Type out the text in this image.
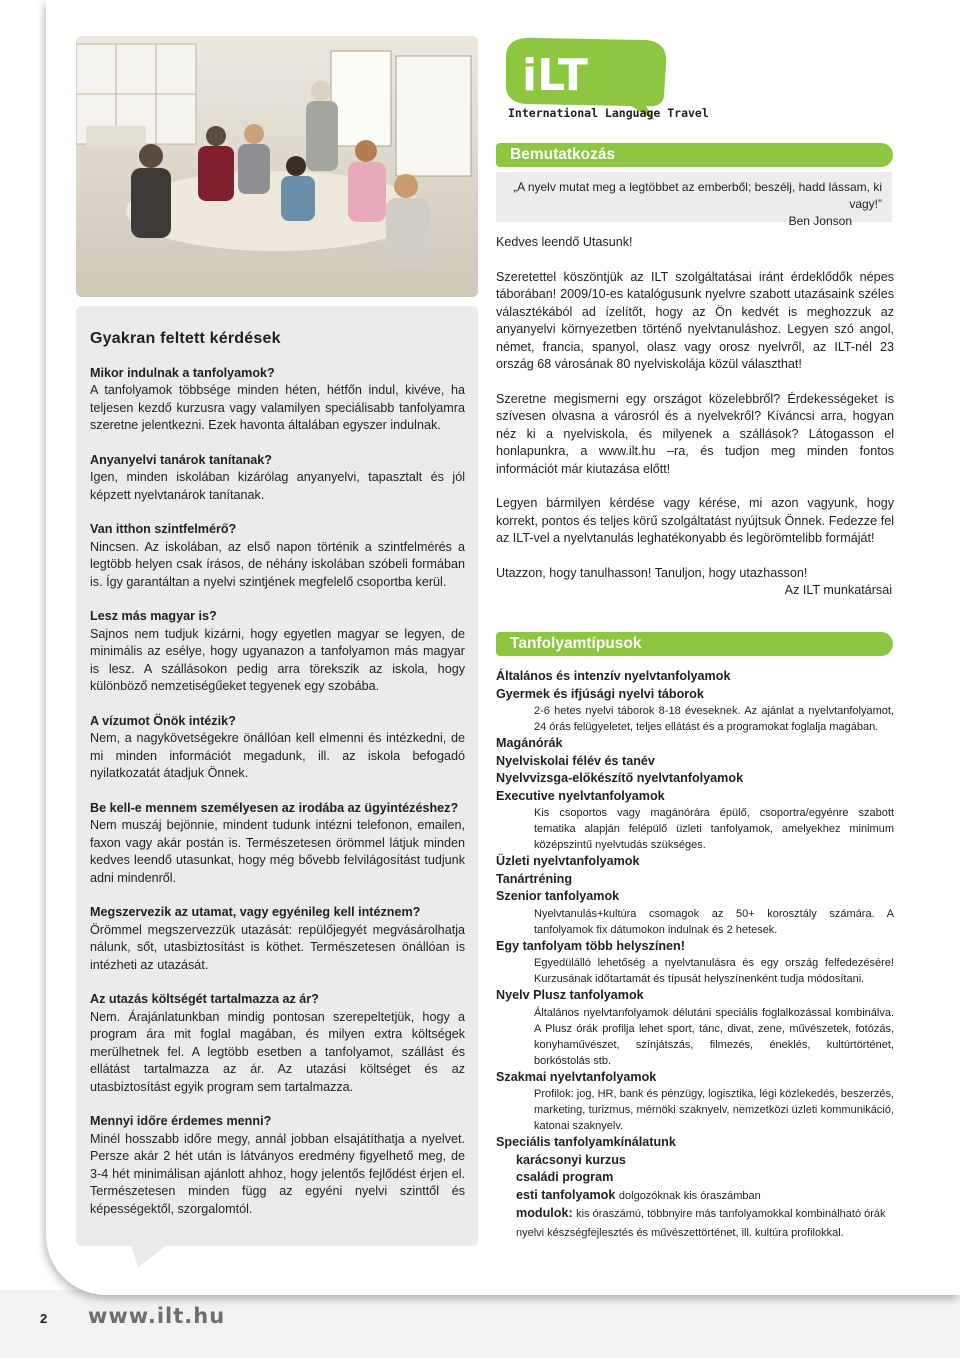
Gyakran feltett kérdések
Mikor indulnak a tanfolyamok?
A tanfolyamok többsége minden héten, hétfőn indul, kivéve, ha teljesen kezdő kurzusra vagy valamilyen speciálisabb tanfolyamra szeretne jelentkezni. Ezek havonta általában egyszer indulnak.
Anyanyelvi tanárok tanítanak?
Igen, minden iskolában kizárólag anyanyelvi, tapasztalt és jól képzett nyelvtanárok tanítanak.
Van itthon szintfelmérő?
Nincsen. Az iskolában, az első napon történik a szintfelmérés a legtöbb helyen csak írásos, de néhány iskolában szóbeli formában is. Így garantáltan a nyelvi szintjének megfelelő csoportba kerül.
Lesz más magyar is?
Sajnos nem tudjuk kizárni, hogy egyetlen magyar se legyen, de minimális az esélye, hogy ugyanazon a tanfolyamon más magyar is lesz. A szállásokon pedig arra törekszik az iskola, hogy különböző nemzetiségűeket tegyenek egy szobába.
A vízumot Önök intézik?
Nem, a nagykövetségekre önállóan kell elmenni és intézkedni, de mi minden információt megadunk, ill. az iskola befogadó nyilatkozatát átadjuk Önnek.
Be kell-e mennem személyesen az irodába az ügyintézéshez?
Nem muszáj bejönnie, mindent tudunk intézni telefonon, emailen, faxon vagy akár postán is. Természetesen örömmel látjuk minden kedves leendő utasunkat, hogy még bővebb felvilágosítást tudjunk adni mindenről.
Megszervezik az utamat, vagy egyénileg kell intéznem?
Örömmel megszervezzük utazását: repülőjegyét megvásárolhatja nálunk, sőt, utasbiztosítást is köthet. Természetesen önállóan is intézheti az utazását.
Az utazás költségét tartalmazza az ár?
Nem. Árajánlatunkban mindig pontosan szerepeltetjük, hogy a program ára mit foglal magában, és milyen extra költségek merülhetnek fel. A legtöbb esetben a tanfolyamot, szállást és ellátást tartalmazza az ár. Az utazási költséget és az utasbiztosítást egyik program sem tartalmazza.
Mennyi időre érdemes menni?
Minél hosszabb időre megy, annál jobban elsajátíthatja a nyelvet. Persze akár 2 hét után is látványos eredmény figyelhető meg, de 3-4 hét minimálisan ajánlott ahhoz, hogy jelentős fejlődést érjen el. Természetesen minden függ az egyéni nyelvi szinttől és képességektől, szorgalomtól.
iLT
International Language Travel
Bemutatkozás
„A nyelv mutat meg a legtöbbet az emberből; beszélj, hadd lássam, ki vagy!”
Ben Jonson
Kedves leendő Utasunk!

Szeretettel köszöntjük az ILT szolgáltatásai iránt érdeklődők népes táborában! 2009/10-es katalógusunk nyelvre szabott utazásaink széles választékából ad ízelítőt, hogy az Ön kedvét is meghozzuk az anyanyelvi környezetben történő nyelvtanuláshoz. Legyen szó angol, német, francia, spanyol, olasz vagy orosz nyelvről, az ILT-nél 23 ország 68 városának 80 nyelviskolája közül választhat!

Szeretne megismerni egy országot közelebbről? Érdekességeket is szívesen olvasna a városról és a nyelvekről? Kíváncsi arra, hogyan néz ki a nyelviskola, és milyenek a szállások? Látogasson el honlapunkra, a www.ilt.hu –ra, és tudjon meg minden fontos információt már kiutazása előtt!

Legyen bármilyen kérdése vagy kérése, mi azon vagyunk, hogy korrekt, pontos és teljes körű szolgáltatást nyújtsuk Önnek. Fedezze fel az ILT-vel a nyelvtanulás leghatékonyabb és legörömtelibb formáját!

Utazzon, hogy tanulhasson! Tanuljon, hogy utazhasson!

Az ILT munkatársai
Tanfolyamtípusok
Általános és intenzív nyelvtanfolyamok
Gyermek és ifjúsági nyelvi táborok
2-6 hetes nyelvi táborok 8-18 éveseknek. Az ajánlat a nyelvtanfolyamot, 24 órás felügyeletet, teljes ellátást és a programokat foglalja magában.
Magánórák
Nyelviskolai félév és tanév
Nyelvvizsga-előkészítő nyelvtanfolyamok
Executive nyelvtanfolyamok
Kis csoportos vagy magánórára épülő, csoportra/egyénre szabott tematika alapján felépülő üzleti tanfolyamok, amelyekhez minimum középszintű nyelvtudás szükséges.
Üzleti nyelvtanfolyamok
Tanártréning
Szenior tanfolyamok
Nyelvtanulás+kultúra csomagok az 50+ korosztály számára. A tanfolyamok fix dátumokon indulnak és 2 hetesek.
Egy tanfolyam több helyszínen!
Egyedülálló lehetőség a nyelvtanulásra és egy ország felfedezésére! Kurzusának időtartamát és típusát helyszínenként tudja módosítani.
Nyelv Plusz tanfolyamok
Általános nyelvtanfolyamok délutáni speciális foglalkozással kombinálva. A Plusz órák profilja lehet sport, tánc, divat, zene, művészetek, fotózás, konyhaművészet, színjátszás, filmezés, éneklés, kultúrtörténet, borkóstolás stb.
Szakmai nyelvtanfolyamok
Profilok: jog, HR, bank és pénzügy, logisztika, légi közlekedés, beszerzés, marketing, turizmus, mérnöki szaknyelv, nemzetközi üzleti kommunikáció, katonai szaknyelv.
Speciális tanfolyamkínálatunk
karácsonyi kurzus
családi program
esti tanfolyamok dolgozóknak kis óraszámban
modulok: kis óraszámú, többnyire más tanfolyamokkal kombinálható órák nyelvi készségfejlesztés és művészettörténet, ill. kultúra profilokkal.
2 www.ilt.hu
